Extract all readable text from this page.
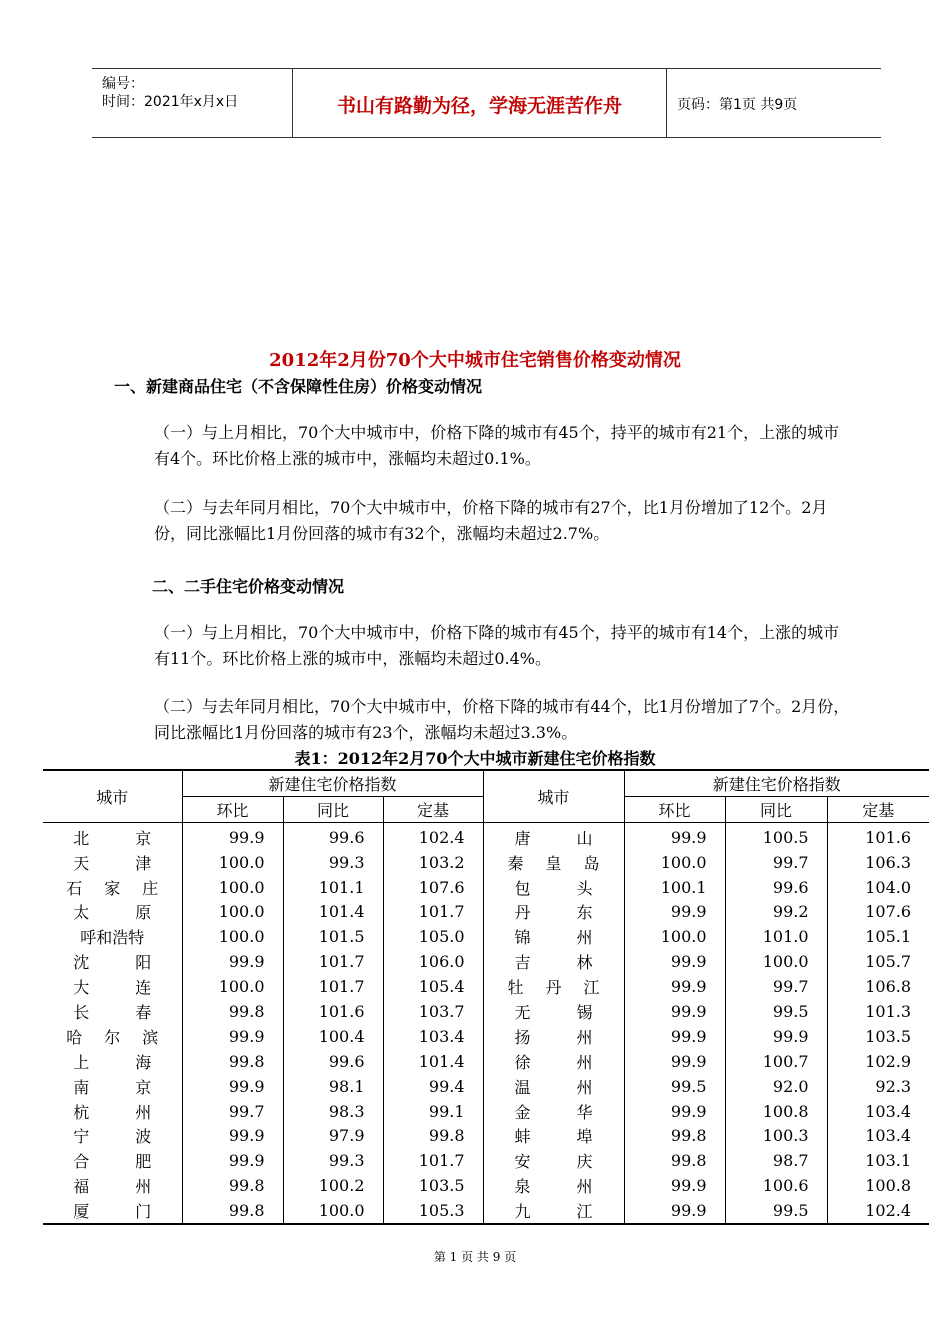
编号：
时间：2021年x月x日	书山有路勤为径，学海无涯苦作舟	页码：第1页 共9页
2012年2月份70个大中城市住宅销售价格变动情况
一、新建商品住宅（不含保障性住房）价格变动情况
（一）与上月相比，70个大中城市中，价格下降的城市有45个，持平的城市有21个，上涨的城市有4个。环比价格上涨的城市中，涨幅均未超过0.1%。
（二）与去年同月相比，70个大中城市中，价格下降的城市有27个，比1月份增加了12个。2月份，同比涨幅比1月份回落的城市有32个，涨幅均未超过2.7%。
二、二手住宅价格变动情况
（一）与上月相比，70个大中城市中，价格下降的城市有45个，持平的城市有14个，上涨的城市有11个。环比价格上涨的城市中，涨幅均未超过0.4%。
（二）与去年同月相比，70个大中城市中，价格下降的城市有44个，比1月份增加了7个。2月份，同比涨幅比1月份回落的城市有23个，涨幅均未超过3.3%。
表1：2012年2月70个大中城市新建住宅价格指数
城市	新建住宅价格指数			城市	新建住宅价格指数		
	环比	同比	定基		环比	同比	定基
北京	99.9	99.6	102.4	唐山	99.9	100.5	101.6
天津	100.0	99.3	103.2	秦皇岛	100.0	99.7	106.3
石家庄	100.0	101.1	107.6	包头	100.1	99.6	104.0
太原	100.0	101.4	101.7	丹东	99.9	99.2	107.6
呼和浩特	100.0	101.5	105.0	锦州	100.0	101.0	105.1
沈阳	99.9	101.7	106.0	吉林	99.9	100.0	105.7
大连	100.0	101.7	105.4	牡丹江	99.9	99.7	106.8
长春	99.8	101.6	103.7	无锡	99.9	99.5	101.3
哈尔滨	99.9	100.4	103.4	扬州	99.9	99.9	103.5
上海	99.8	99.6	101.4	徐州	99.9	100.7	102.9
南京	99.9	98.1	99.4	温州	99.5	92.0	92.3
杭州	99.7	98.3	99.1	金华	99.9	100.8	103.4
宁波	99.9	97.9	99.8	蚌埠	99.8	100.3	103.4
合肥	99.9	99.3	101.7	安庆	99.8	98.7	103.1
福州	99.8	100.2	103.5	泉州	99.9	100.6	100.8
厦门	99.8	100.0	105.3	九江	99.9	99.5	102.4
第 1 页 共 9 页
